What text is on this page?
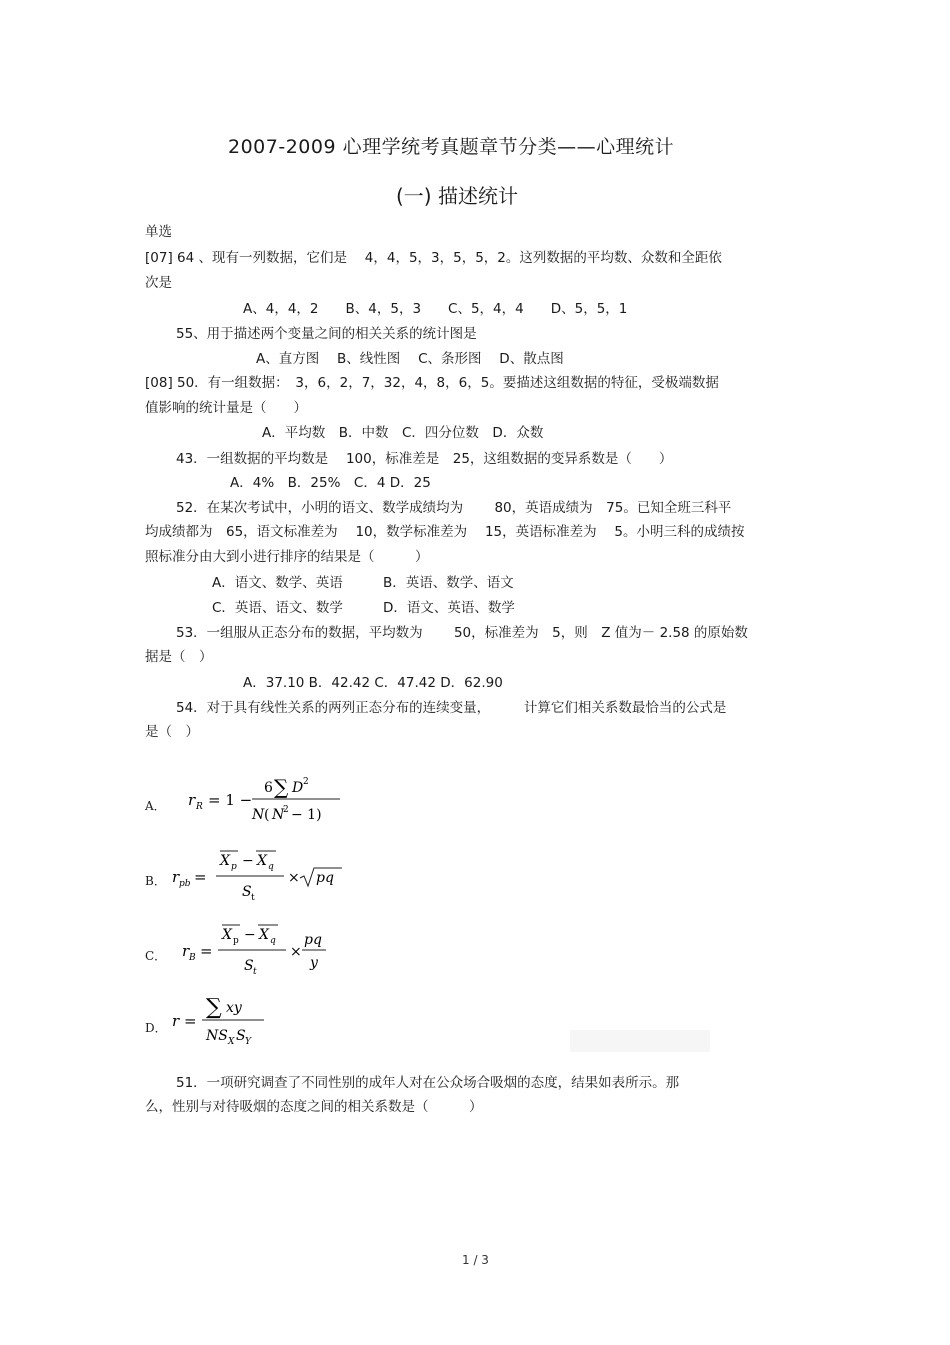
2007-2009 心理学统考真题章节分类——心理统计
(一) 描述统计
单选
[07] 64 、现有一列数据，它们是　 4，4，5，3，5，5，2。这列数据的平均数、众数和全距依
次是
A、4，4，2　　B、4，5，3　　C、5，4，4　　D、5，5，1
55、用于描述两个变量之间的相关关系的统计图是
A、直方图　 B、线性图　 C、条形图　 D、散点图
[08] 50．有一组数据：　3，6，2，7，32，4，8，6，5。要描述这组数据的特征，受极端数据
值影响的统计量是（　　）
A．平均数　B．中数　C．四分位数　D．众数
43．一组数据的平均数是　 100，标准差是　25，这组数据的变异系数是（　　）
A．4%　B．25%　C．4 D．25
52．在某次考试中，小明的语文、数学成绩均为　　 80，英语成绩为　75。已知全班三科平
均成绩都为　65，语文标准差为　 10，数学标准差为　 15，英语标准差为　 5。小明三科的成绩按
照标准分由大到小进行排序的结果是（　　　）
A．语文、数学、英语	B．英语、数学、语文
C．英语、语文、数学	D．语文、英语、数学
53．一组服从正态分布的数据，平均数为　　 50，标准差为　5，则　Z 值为－ 2.58 的原始数
据是（　）
A．37.10 B．42.42 C．47.42 D．62.90
54．对于具有线性关系的两列正态分布的连续变量，　　　计算它们相关系数最恰当的公式是
是（　）
A． r R = 1 −
6 ∑ D 2
N ( N
2 − 1)
B． r pb =
X p − X q
S t
× pq
C． r B =
X p − X q
S t
×
pq
y
D． r =
∑ xy
NS X S Y
51．一项研究调查了不同性别的成年人对在公众场合吸烟的态度，结果如表所示。那
么，性别与对待吸烟的态度之间的相关系数是（　　　）
1 / 3
